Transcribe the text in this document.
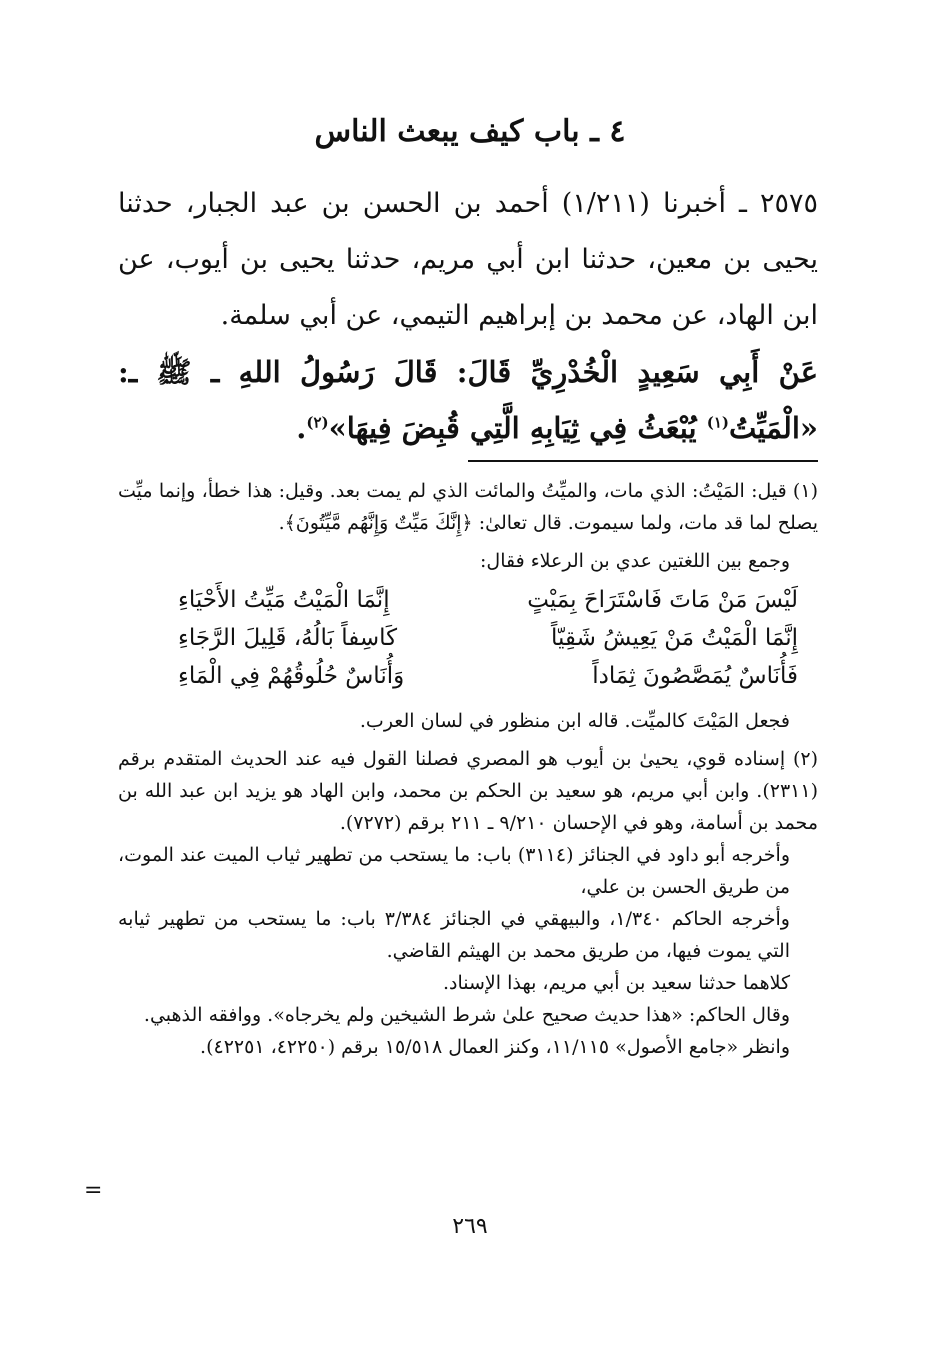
٤ ـ باب كيف يبعث الناس

٢٥٧٥ ـ أخبرنا (١/٢١١) أحمد بن الحسن بن عبد الجبار، حدثنا يحيى بن معين، حدثنا ابن أبي مريم، حدثنا يحيى بن أيوب، عن ابن الهاد، عن محمد بن إبراهيم التيمي، عن أبي سلمة.

عَنْ أَبِي سَعِيدٍ الْخُدْرِيِّ قَالَ: قَالَ رَسُولُ اللهِ ـ ﷺ ـ: «الْمَيِّتُ$^{(١)}$ يُبْعَثُ فِي ثِيَابِهِ الَّتِي قُبِضَ فِيهَا»$^{(٢)}$.

(١) قيل: المَيْتُ: الذي مات، والميِّتُ والمائت الذي لم يمت بعد. وقيل: هذا خطأ، وإنما ميِّت يصلح لما قد مات، ولما سيموت. قال تعالىٰ: ﴿إِنَّكَ مَيِّتٌ وَإِنَّهُم مَّيِّتُونَ﴾.

وجمع بين اللغتين عدي بن الرعلاء فقال:

لَيْسَ مَنْ مَاتَ فَاسْتَرَاحَ بِمَيْتٍ
إِنَّمَا الْمَيْتُ مَيِّتُ الأَحْيَاءِ
إِنَّمَا الْمَيْتُ مَنْ يَعِيشُ شَقِيّاً
كَاسِفاً بَالُهُ، قَلِيلَ الرَّجَاءِ
فَأُنَاسٌ يُمَصَّصُونَ ثِمَاداً
وَأُنَاسٌ حُلُوقُهُمْ فِي الْمَاءِ

فجعل المَيْتَ كالميِّت. قاله ابن منظور في لسان العرب.

(٢) إسناده قوي، يحيىٰ بن أيوب هو المصري فصلنا القول فيه عند الحديث المتقدم برقم (٢٣١١). وابن أبي مريم، هو سعيد بن الحكم بن محمد، وابن الهاد هو يزيد ابن عبد الله بن محمد بن أسامة، وهو في الإحسان ٩/٢١٠ ـ ٢١١ برقم (٧٢٧٢).

وأخرجه أبو داود في الجنائز (٣١١٤) باب: ما يستحب من تطهير ثياب الميت عند الموت، من طريق الحسن بن علي،

وأخرجه الحاكم ١/٣٤٠، والبيهقي في الجنائز ٣/٣٨٤ باب: ما يستحب من تطهير ثيابه التي يموت فيها، من طريق محمد بن الهيثم القاضي.

كلاهما حدثنا سعيد بن أبي مريم، بهذا الإسناد.

وقال الحاكم: «هذا حديث صحيح علىٰ شرط الشيخين ولم يخرجاه». ووافقه الذهبي.

وانظر «جامع الأصول» ١١/١١٥، وكنز العمال ١٥/٥١٨ برقم (٤٢٢٥٠، ٤٢٢٥١).

=
٢٦٩
